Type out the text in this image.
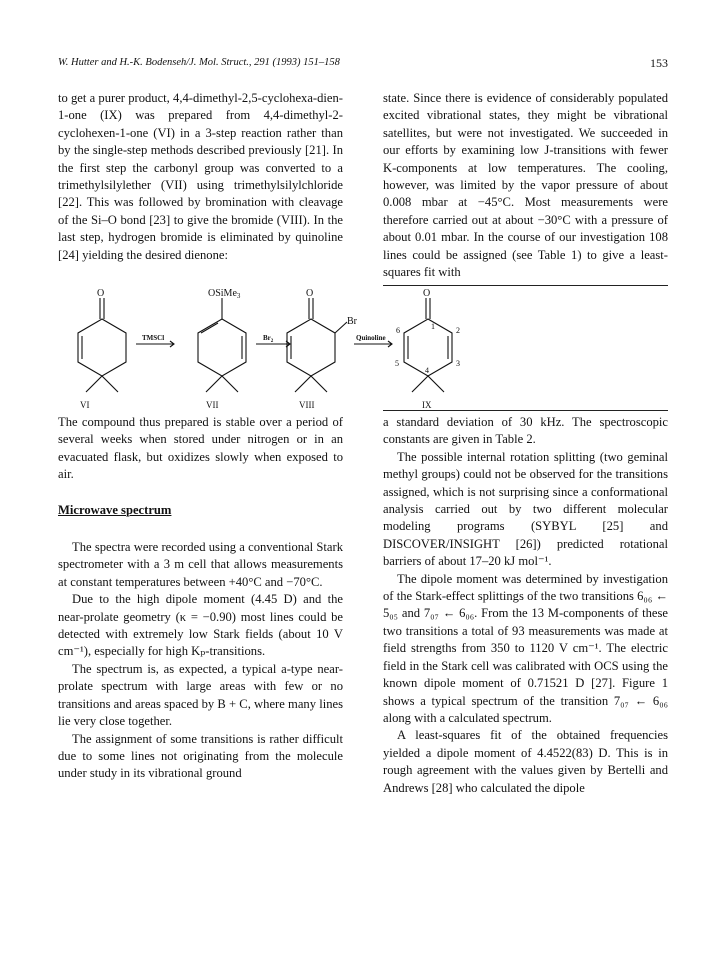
W. Hutter and H.-K. Bodenseh/J. Mol. Struct., 291 (1993) 151–158	153

to get a purer product, 4,4-dimethyl-2,5-cyclohexa-dien-1-one (IX) was prepared from 4,4-dimethyl-2-cyclohexen-1-one (VI) in a 3-step reaction rather than by the single-step methods described previously [21]. In the first step the carbonyl group was converted to a trimethylsilylether (VII) using trimethylsilylchloride [22]. This was followed by bromination with cleavage of the Si–O bond [23] to give the bromide (VIII). In the last step, hydrogen bromide is eliminated by quinoline [24] yielding the desired dienone:

state. Since there is evidence of considerably populated excited vibrational states, they might be vibrational satellites, but were not investigated. We succeeded in our efforts by examining low J-transitions with fewer K-components at low temperatures. The cooling, however, was limited by the vapor pressure of about 0.008 mbar at −45°C. Most measurements were therefore carried out at about −30°C with a pressure of about 0.01 mbar. In the course of our investigation 108 lines could be assigned (see Table 1) to give a least-squares fit with

O	OSiMe$_3$	O
Br
O
TMSCl	$Br_2$	Quinoline
1	2
3
4
5
6
VI	VII	VIII	IX

The compound thus prepared is stable over a period of several weeks when stored under nitrogen or in an evacuated flask, but oxidizes slowly when exposed to air.

Microwave spectrum

The spectra were recorded using a conventional Stark spectrometer with a 3 m cell that allows measurements at constant temperatures between +40°C and −70°C.

Due to the high dipole moment (4.45 D) and the near-prolate geometry (κ = −0.90) most lines could be detected with extremely low Stark fields (about 10 V cm⁻¹), especially for high Kₚ-transitions.

The spectrum is, as expected, a typical a-type near-prolate spectrum with large areas with few or no transitions and areas spaced by B + C, where many lines lie very close together.

The assignment of some transitions is rather difficult due to some lines not originating from the molecule under study in its vibrational ground

a standard deviation of 30 kHz. The spectroscopic constants are given in Table 2.

The possible internal rotation splitting (two geminal methyl groups) could not be observed for the transitions assigned, which is not surprising since a conformational analysis carried out by two different molecular modeling programs (SYBYL [25] and DISCOVER/INSIGHT [26]) predicted rotational barriers of about 17–20 kJ mol⁻¹.

The dipole moment was determined by investigation of the Stark-effect splittings of the two transitions 6₀₆ ← 5₀₅ and 7₀₇ ← 6₀₆. From the 13 M-components of these two transitions a total of 93 measurements was made at field strengths from 350 to 1120 V cm⁻¹. The electric field in the Stark cell was calibrated with OCS using the known dipole moment of 0.71521 D [27]. Figure 1 shows a typical spectrum of the transition 7₀₇ ← 6₀₆ along with a calculated spectrum.

A least-squares fit of the obtained frequencies yielded a dipole moment of 4.4522(83) D. This is in rough agreement with the values given by Bertelli and Andrews [28] who calculated the dipole
